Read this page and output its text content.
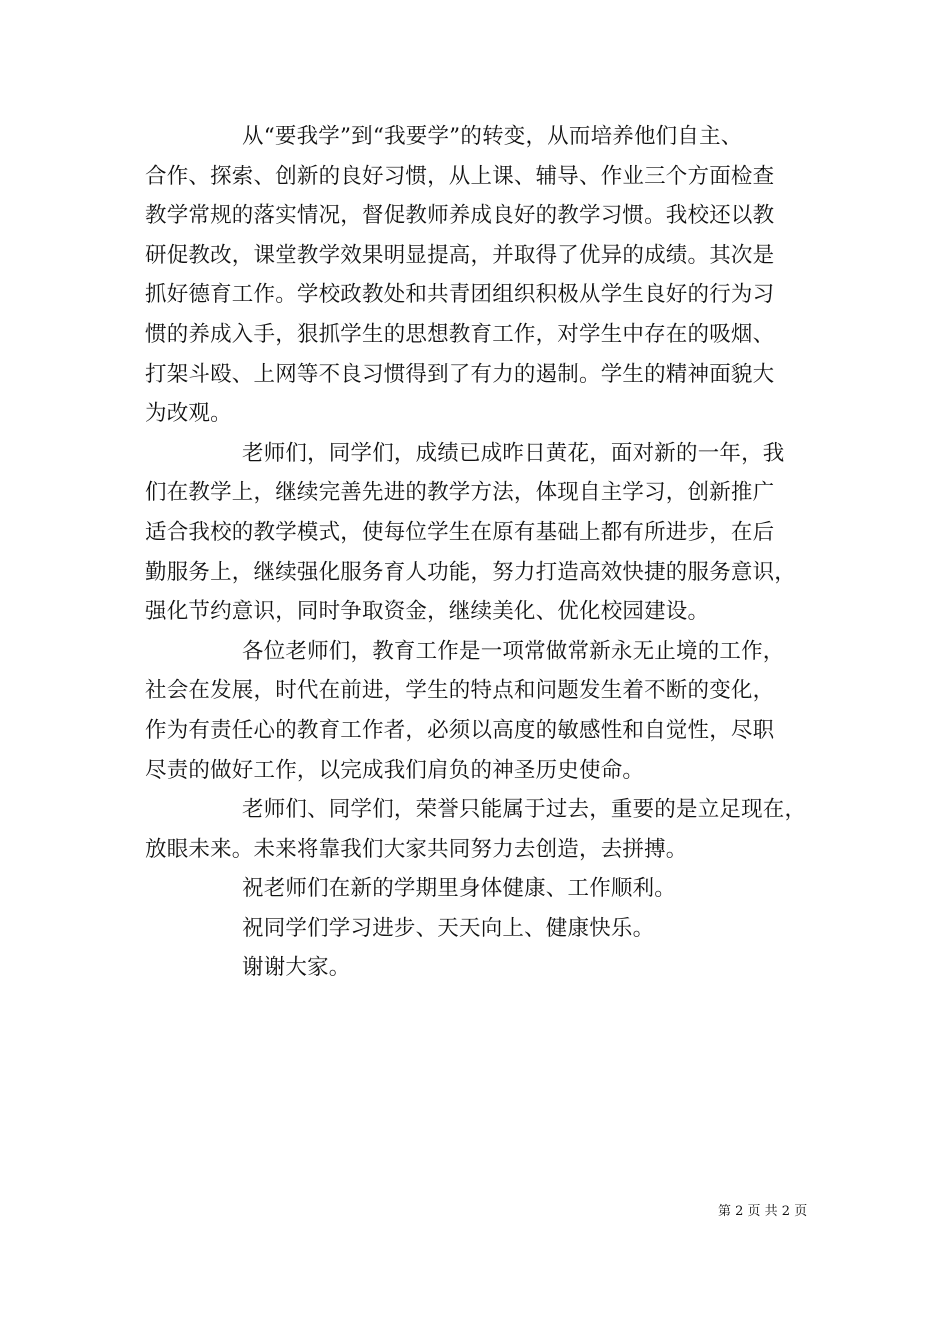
从“要我学”到“我要学”的转变，从而培养他们自主、
合作、探索、创新的良好习惯，从上课、辅导、作业三个方面检查
教学常规的落实情况，督促教师养成良好的教学习惯。我校还以教
研促教改，课堂教学效果明显提高，并取得了优异的成绩。其次是
抓好德育工作。学校政教处和共青团组织积极从学生良好的行为习
惯的养成入手，狠抓学生的思想教育工作，对学生中存在的吸烟、
打架斗殴、上网等不良习惯得到了有力的遏制。学生的精神面貌大
为改观。
老师们，同学们，成绩已成昨日黄花，面对新的一年，我
们在教学上，继续完善先进的教学方法，体现自主学习，创新推广
适合我校的教学模式，使每位学生在原有基础上都有所进步，在后
勤服务上，继续强化服务育人功能，努力打造高效快捷的服务意识，
强化节约意识，同时争取资金，继续美化、优化校园建设。
各位老师们，教育工作是一项常做常新永无止境的工作，
社会在发展，时代在前进，学生的特点和问题发生着不断的变化，
作为有责任心的教育工作者，必须以高度的敏感性和自觉性，尽职
尽责的做好工作，以完成我们肩负的神圣历史使命。
老师们、同学们，荣誉只能属于过去，重要的是立足现在，
放眼未来。未来将靠我们大家共同努力去创造，去拼搏。
祝老师们在新的学期里身体健康、工作顺利。
祝同学们学习进步、天天向上、健康快乐。
谢谢大家。
第 2 页 共 2 页
